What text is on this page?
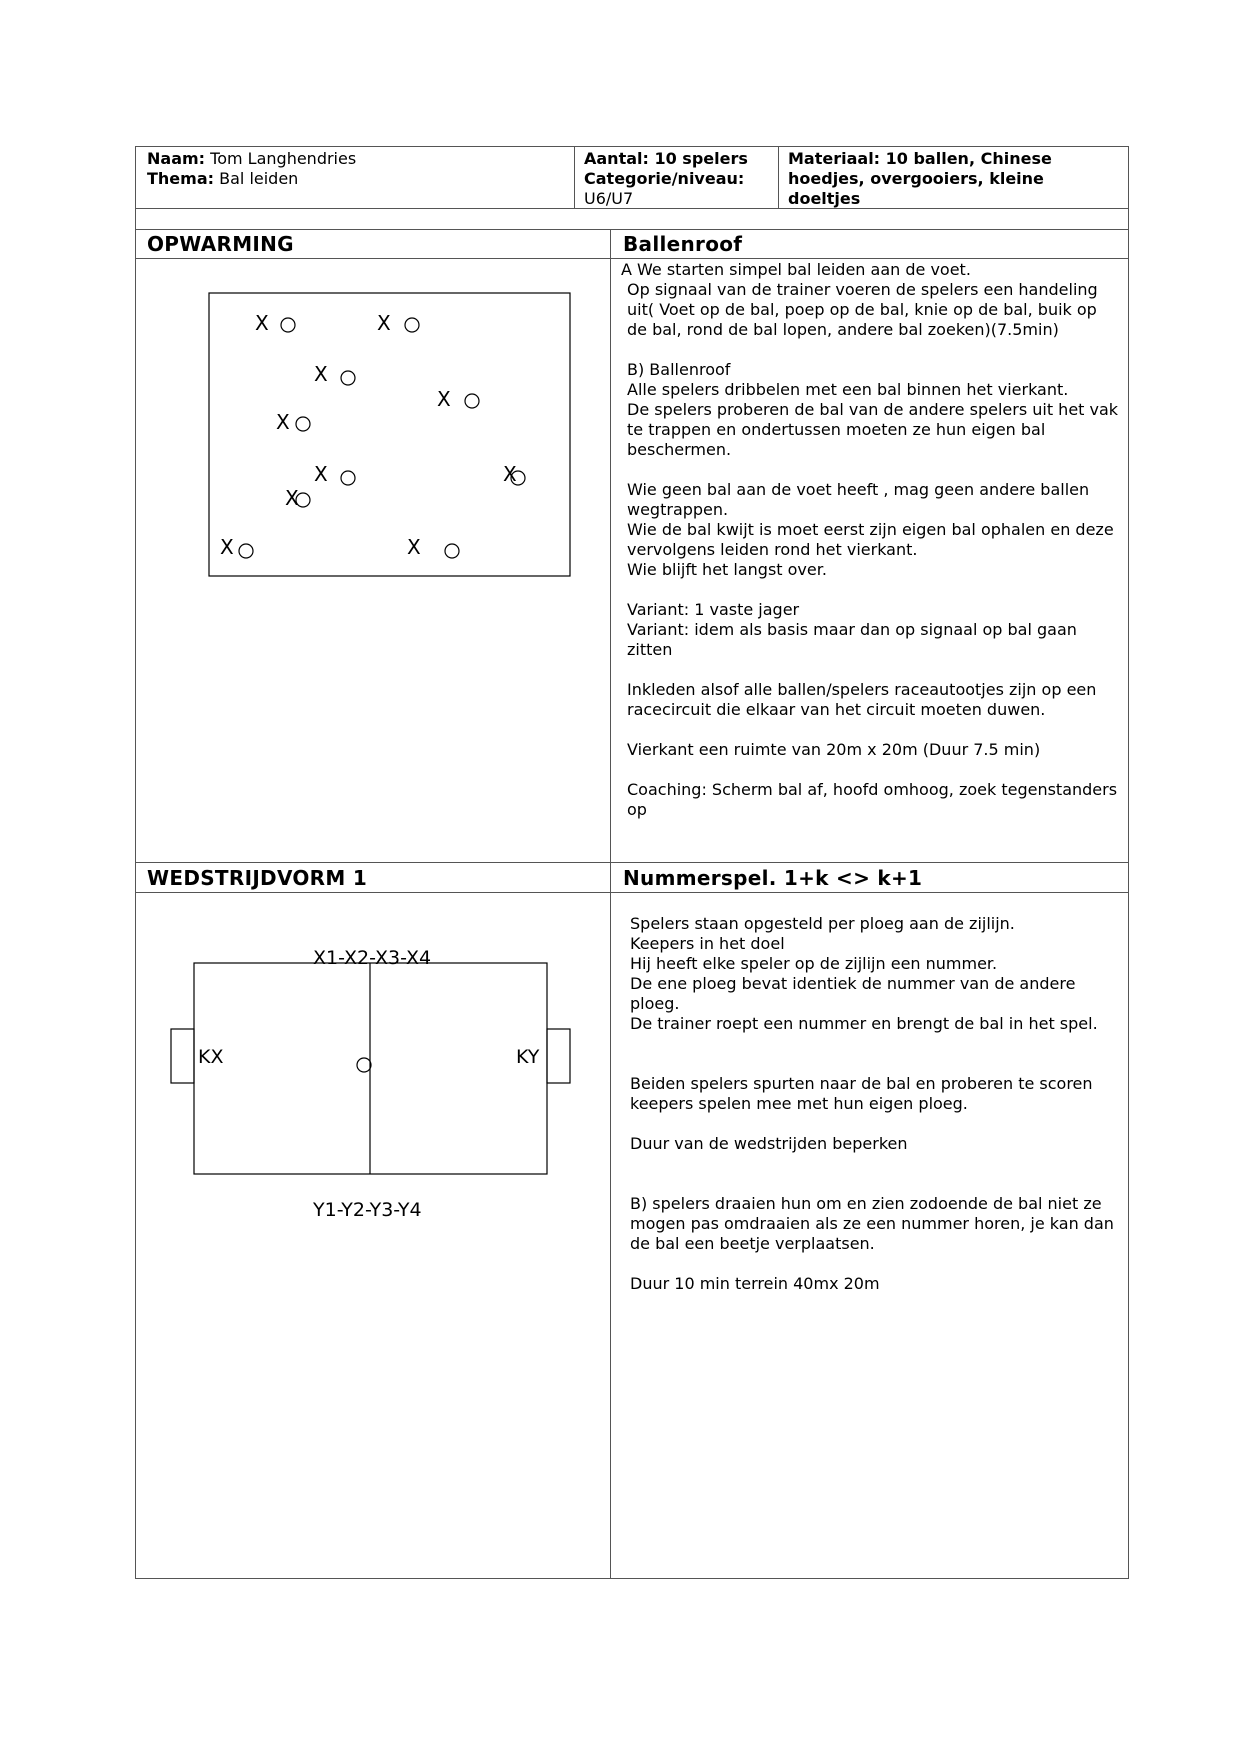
Naam: Tom Langhendries
Thema: Bal leiden
Aantal: 10 spelers
Categorie/niveau:
U6/U7
Materiaal: 10 ballen, Chinese hoedjes, overgooiers, kleine doeltjes
OPWARMING	Ballenroof
X	X
X
X
X
X	X
X
X	X

A We starten simpel bal leiden aan de voet.

Op signaal van de trainer voeren de spelers een handeling uit( Voet op de bal, poep op de bal, knie op de bal, buik op de bal, rond de bal lopen, andere bal zoeken)(7.5min)

B) Ballenroof
Alle spelers dribbelen met een bal binnen het vierkant.
De spelers proberen de bal van de andere spelers uit het vak te trappen en ondertussen moeten ze hun eigen bal beschermen.

Wie geen bal aan de voet heeft , mag geen andere ballen wegtrappen.
Wie de bal kwijt is moet eerst zijn eigen bal ophalen en deze vervolgens leiden rond het vierkant.
Wie blijft het langst over.

Variant: 1 vaste jager
Variant: idem als basis maar dan op signaal op bal gaan zitten

Inkleden alsof alle ballen/spelers raceautootjes zijn op een racecircuit die elkaar van het circuit moeten duwen.

Vierkant een ruimte van 20m x 20m (Duur 7.5 min)

Coaching: Scherm bal af, hoofd omhoog, zoek tegenstanders op

WEDSTRIJDVORM 1	Nummerspel. 1+k <> k+1
X1-X2-X3-X4
Y1-Y2-Y3-Y4
KX	KY

Spelers staan opgesteld per ploeg aan de zijlijn.
Keepers in het doel
Hij heeft elke speler op de zijlijn een nummer.
De ene ploeg bevat identiek de nummer van de andere ploeg.
De trainer roept een nummer en brengt de bal in het spel.

Beiden spelers spurten naar de bal en proberen te scoren keepers spelen mee met hun eigen ploeg.

Duur van de wedstrijden beperken

B) spelers draaien hun om en zien zodoende de bal niet ze mogen pas omdraaien als ze een nummer horen, je kan dan de bal een beetje verplaatsen.

Duur 10 min terrein 40mx 20m
